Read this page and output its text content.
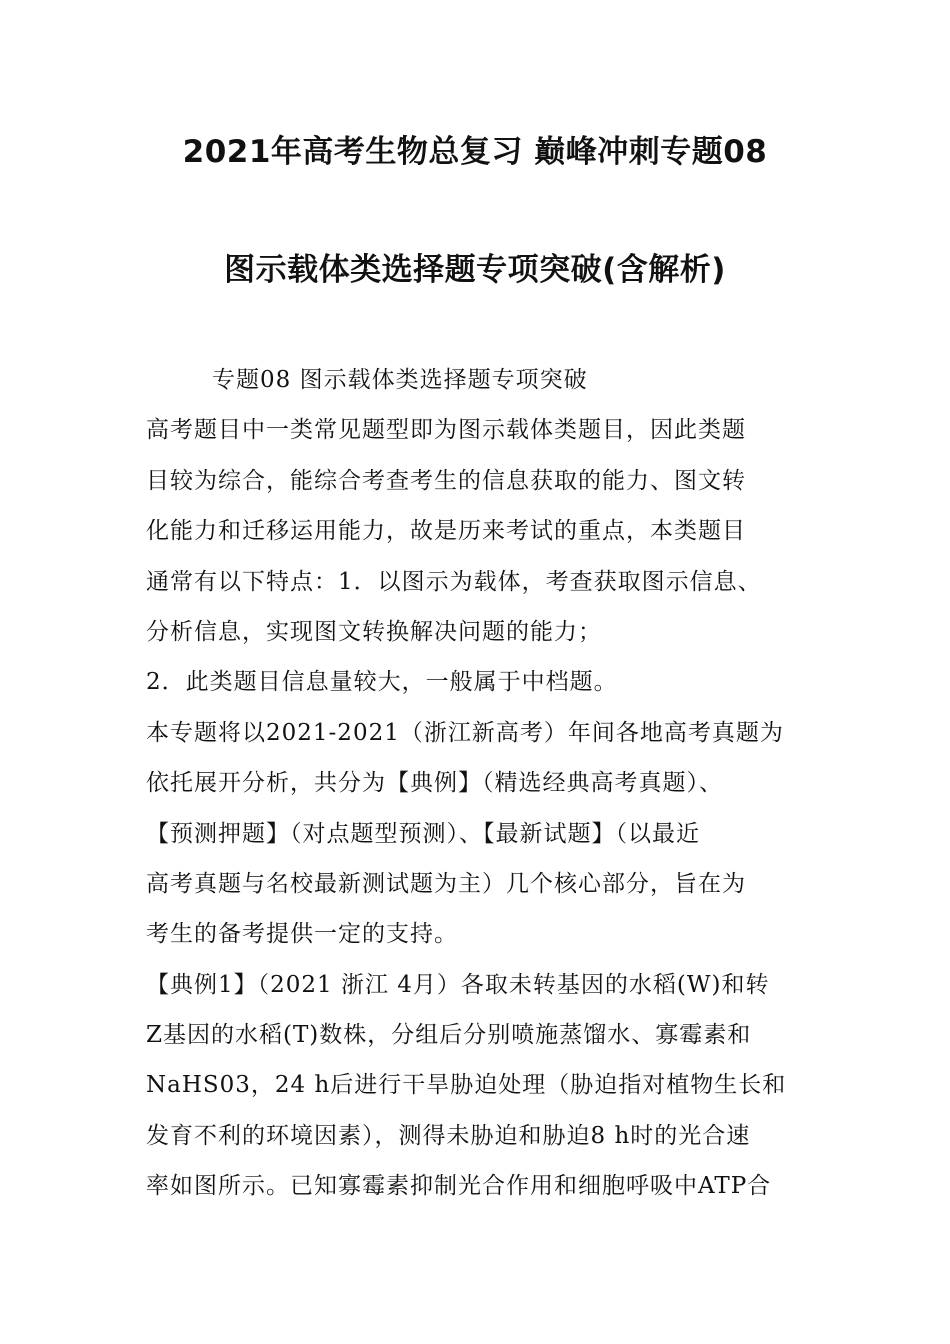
2021年高考生物总复习 巅峰冲刺专题08
图示载体类选择题专项突破(含解析)
专题08 图示载体类选择题专项突破
高考题目中一类常见题型即为图示载体类题目，因此类题
目较为综合，能综合考查考生的信息获取的能力、图文转
化能力和迁移运用能力，故是历来考试的重点，本类题目
通常有以下特点：1．以图示为载体，考查获取图示信息、
分析信息，实现图文转换解决问题的能力；
2．此类题目信息量较大，一般属于中档题。
本专题将以2021-2021（浙江新高考）年间各地高考真题为
依托展开分析，共分为【典例】（精选经典高考真题）、
【预测押题】（对点题型预测）、【最新试题】（以最近
高考真题与名校最新测试题为主）几个核心部分，旨在为
考生的备考提供一定的支持。
【典例1】（2021 浙江 4月）各取未转基因的水稻(W)和转
Z基因的水稻(T)数株，分组后分别喷施蒸馏水、寡霉素和
NaHS03，24 h后进行干旱胁迫处理（胁迫指对植物生长和
发育不利的环境因素），测得未胁迫和胁迫8 h时的光合速
率如图所示。已知寡霉素抑制光合作用和细胞呼吸中ATP合
